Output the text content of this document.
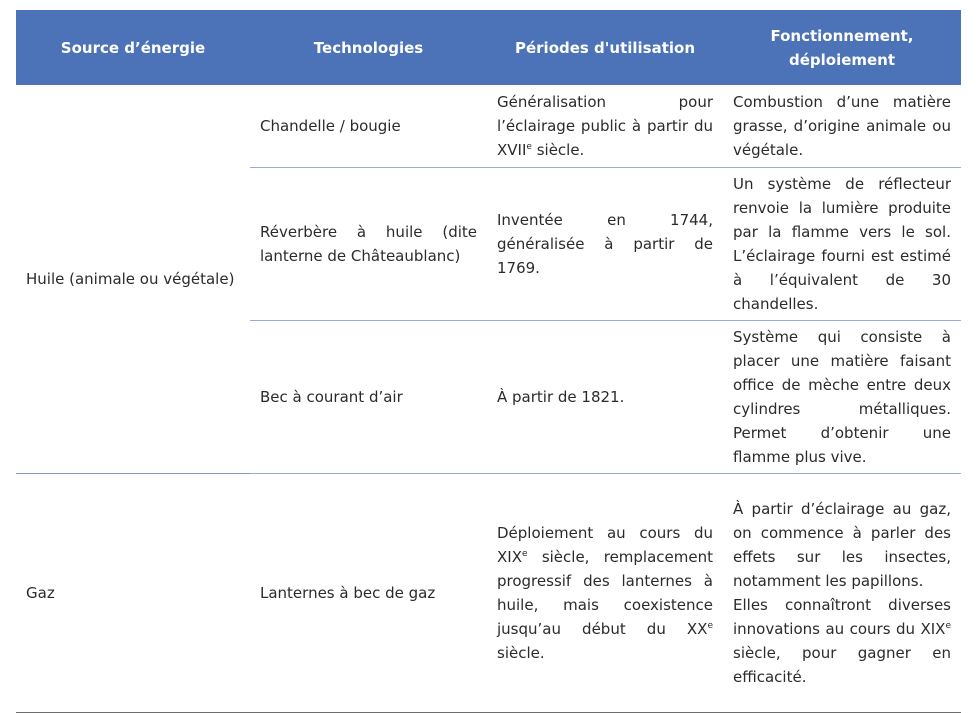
Source d’énergie	Technologies	Périodes d'utilisation	Fonctionnement,
déploiement

Huile (animale ou végétale)	Chandelle / bougie	Généralisation pour l’éclairage public à partir du XVIIe siècle.	Combustion d’une matière grasse, d’origine animale ou végétale.
	Réverbère à huile (dite lanterne de Châteaublanc)	Inventée en 1744, généralisée à partir de 1769.	Un système de réflecteur renvoie la lumière produite par la flamme vers le sol. L’éclairage fourni est estimé à l’équivalent de 30 chandelles.
	Bec à courant d’air	À partir de 1821.	Système qui consiste à placer une matière faisant office de mèche entre deux cylindres métalliques. Permet d’obtenir une flamme plus vive.
Gaz	Lanternes à bec de gaz	Déploiement au cours du XIXe siècle, remplacement progressif des lanternes à huile, mais coexistence jusqu’au début du XXe siècle.	À partir d’éclairage au gaz, on commence à parler des effets sur les insectes, notamment les papillons.
Elles connaîtront diverses innovations au cours du XIXe siècle, pour gagner en efficacité.
